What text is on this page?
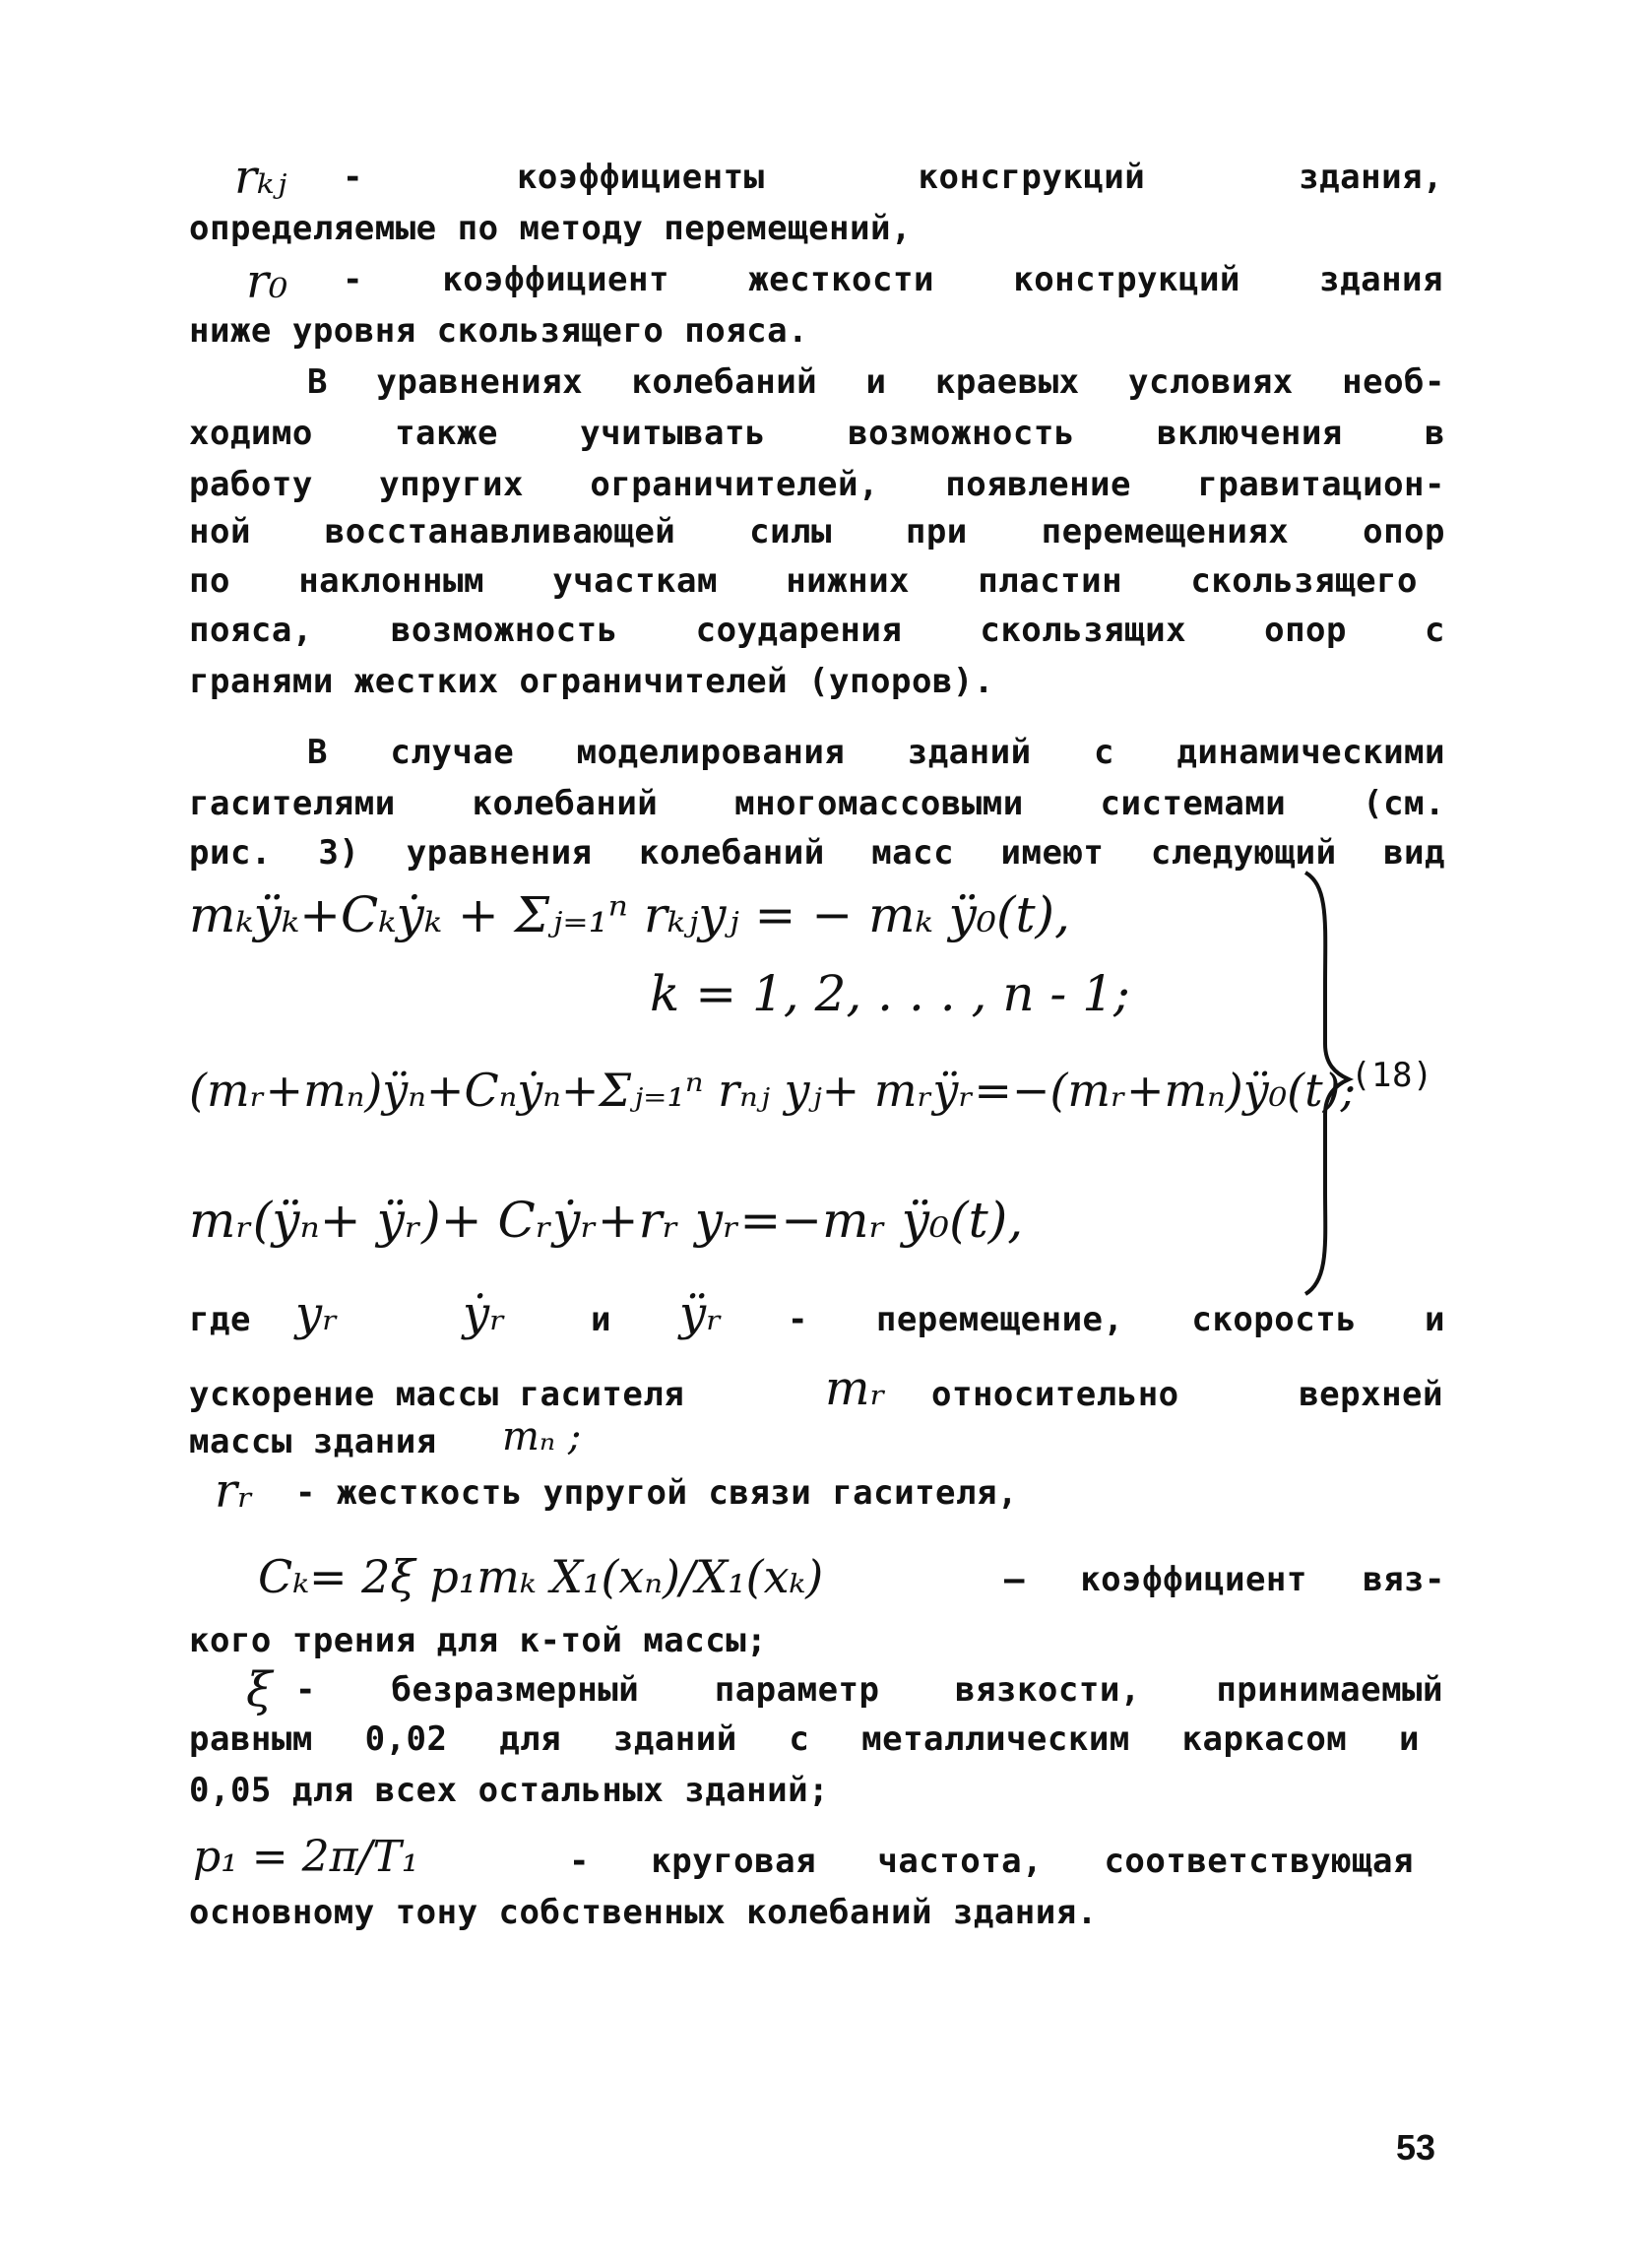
rₖⱼ - коэффициенты консгрукций здания,
определяемые по методу перемещений,
r₀ - коэффициент жесткости конструкций здания
ниже уровня скользящего пояса.
В уравнениях колебаний и краевых условиях необ-
ходимо также учитывать возможность включения в
работу упругих ограничителей, появление гравитацион-
ной восстанавливающей силы при перемещениях опор
по наклонным участкам нижних пластин скользящего
пояса, возможность соударения скользящих опор с
гранями жестких ограничителей (упоров).
В случае моделирования зданий с динамическими
гасителями колебаний многомассовыми системами (см.
рис. 3) уравнения колебаний масс имеют следующий вид
mₖÿₖ+Cₖẏₖ + Σⱼ₌₁ⁿ rₖⱼyⱼ = − mₖ ÿ₀(t),
k = 1, 2, . . . , n - 1;
(mᵣ+mₙ)ÿₙ+Cₙẏₙ+Σⱼ₌₁ⁿ rₙⱼ yⱼ+ mᵣÿᵣ=−(mᵣ+mₙ)ÿ₀(t);
mᵣ(ÿₙ+ ÿᵣ)+ Cᵣẏᵣ+rᵣ yᵣ=−mᵣ ÿ₀(t),
(18)
где yᵣ	ẏᵣ	и ÿᵣ - перемещение, скорость и
ускорение массы гасителя	mᵣ относительно верхней
массы здания mₙ ;
rᵣ - жесткость упругой связи гасителя,
Cₖ= 2ξ p₁mₖ X₁(xₙ)/X₁(xₖ)	— коэффициент вяз-
кого трения для к-той массы;
ξ - безразмерный параметр вязкости, принимаемый
равным 0,02 для зданий с металлическим каркасом и
0,05 для всех остальных зданий;
p₁ = 2π/T₁	- круговая частота, соответствующая
основному тону собственных колебаний здания.
53
